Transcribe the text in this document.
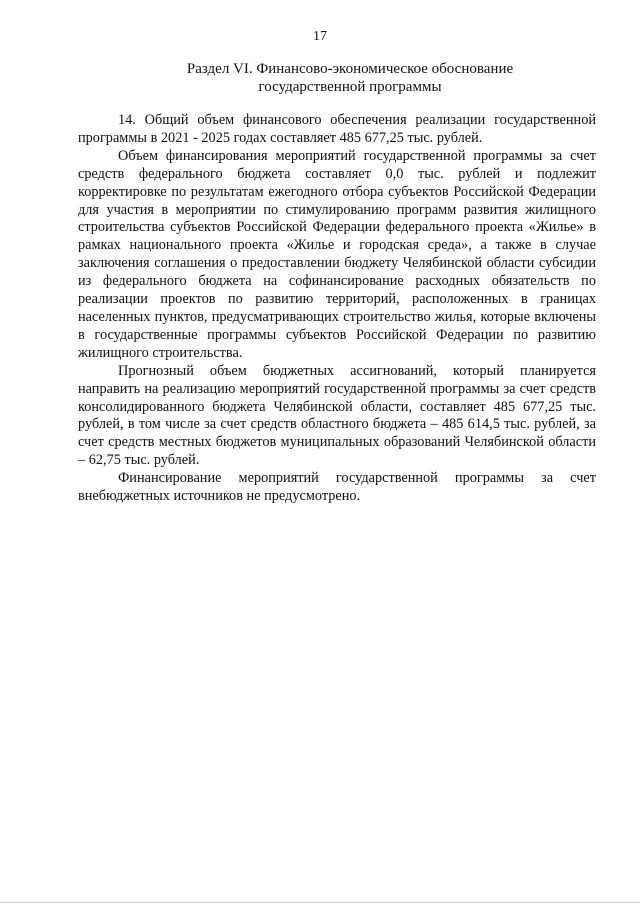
17
Раздел VI. Финансово-экономическое обоснование
государственной программы

14. Общий объем финансового обеспечения реализации государственной программы в 2021 - 2025 годах составляет 485 677,25 тыс. рублей.

Объем финансирования мероприятий государственной программы за счет средств федерального бюджета составляет 0,0 тыс. рублей и подлежит корректировке по результатам ежегодного отбора субъектов Российской Федерации для участия в мероприятии по стимулированию программ развития жилищного строительства субъектов Российской Федерации федерального проекта «Жилье» в рамках национального проекта «Жилье и городская среда», а также в случае заключения соглашения о предоставлении бюджету Челябинской области субсидии из федерального бюджета на софинансирование расходных обязательств по реализации проектов по развитию территорий, расположенных в границах населенных пунктов, предусматривающих строительство жилья, которые включены в государственные программы субъектов Российской Федерации по развитию жилищного строительства.

Прогнозный объем бюджетных ассигнований, который планируется направить на реализацию мероприятий государственной программы за счет средств консолидированного бюджета Челябинской области, составляет 485 677,25 тыс. рублей, в том числе за счет средств областного бюджета – 485 614,5 тыс. рублей, за счет средств местных бюджетов муниципальных образований Челябинской области – 62,75 тыс. рублей.

Финансирование мероприятий государственной программы за счет внебюджетных источников не предусмотрено.
